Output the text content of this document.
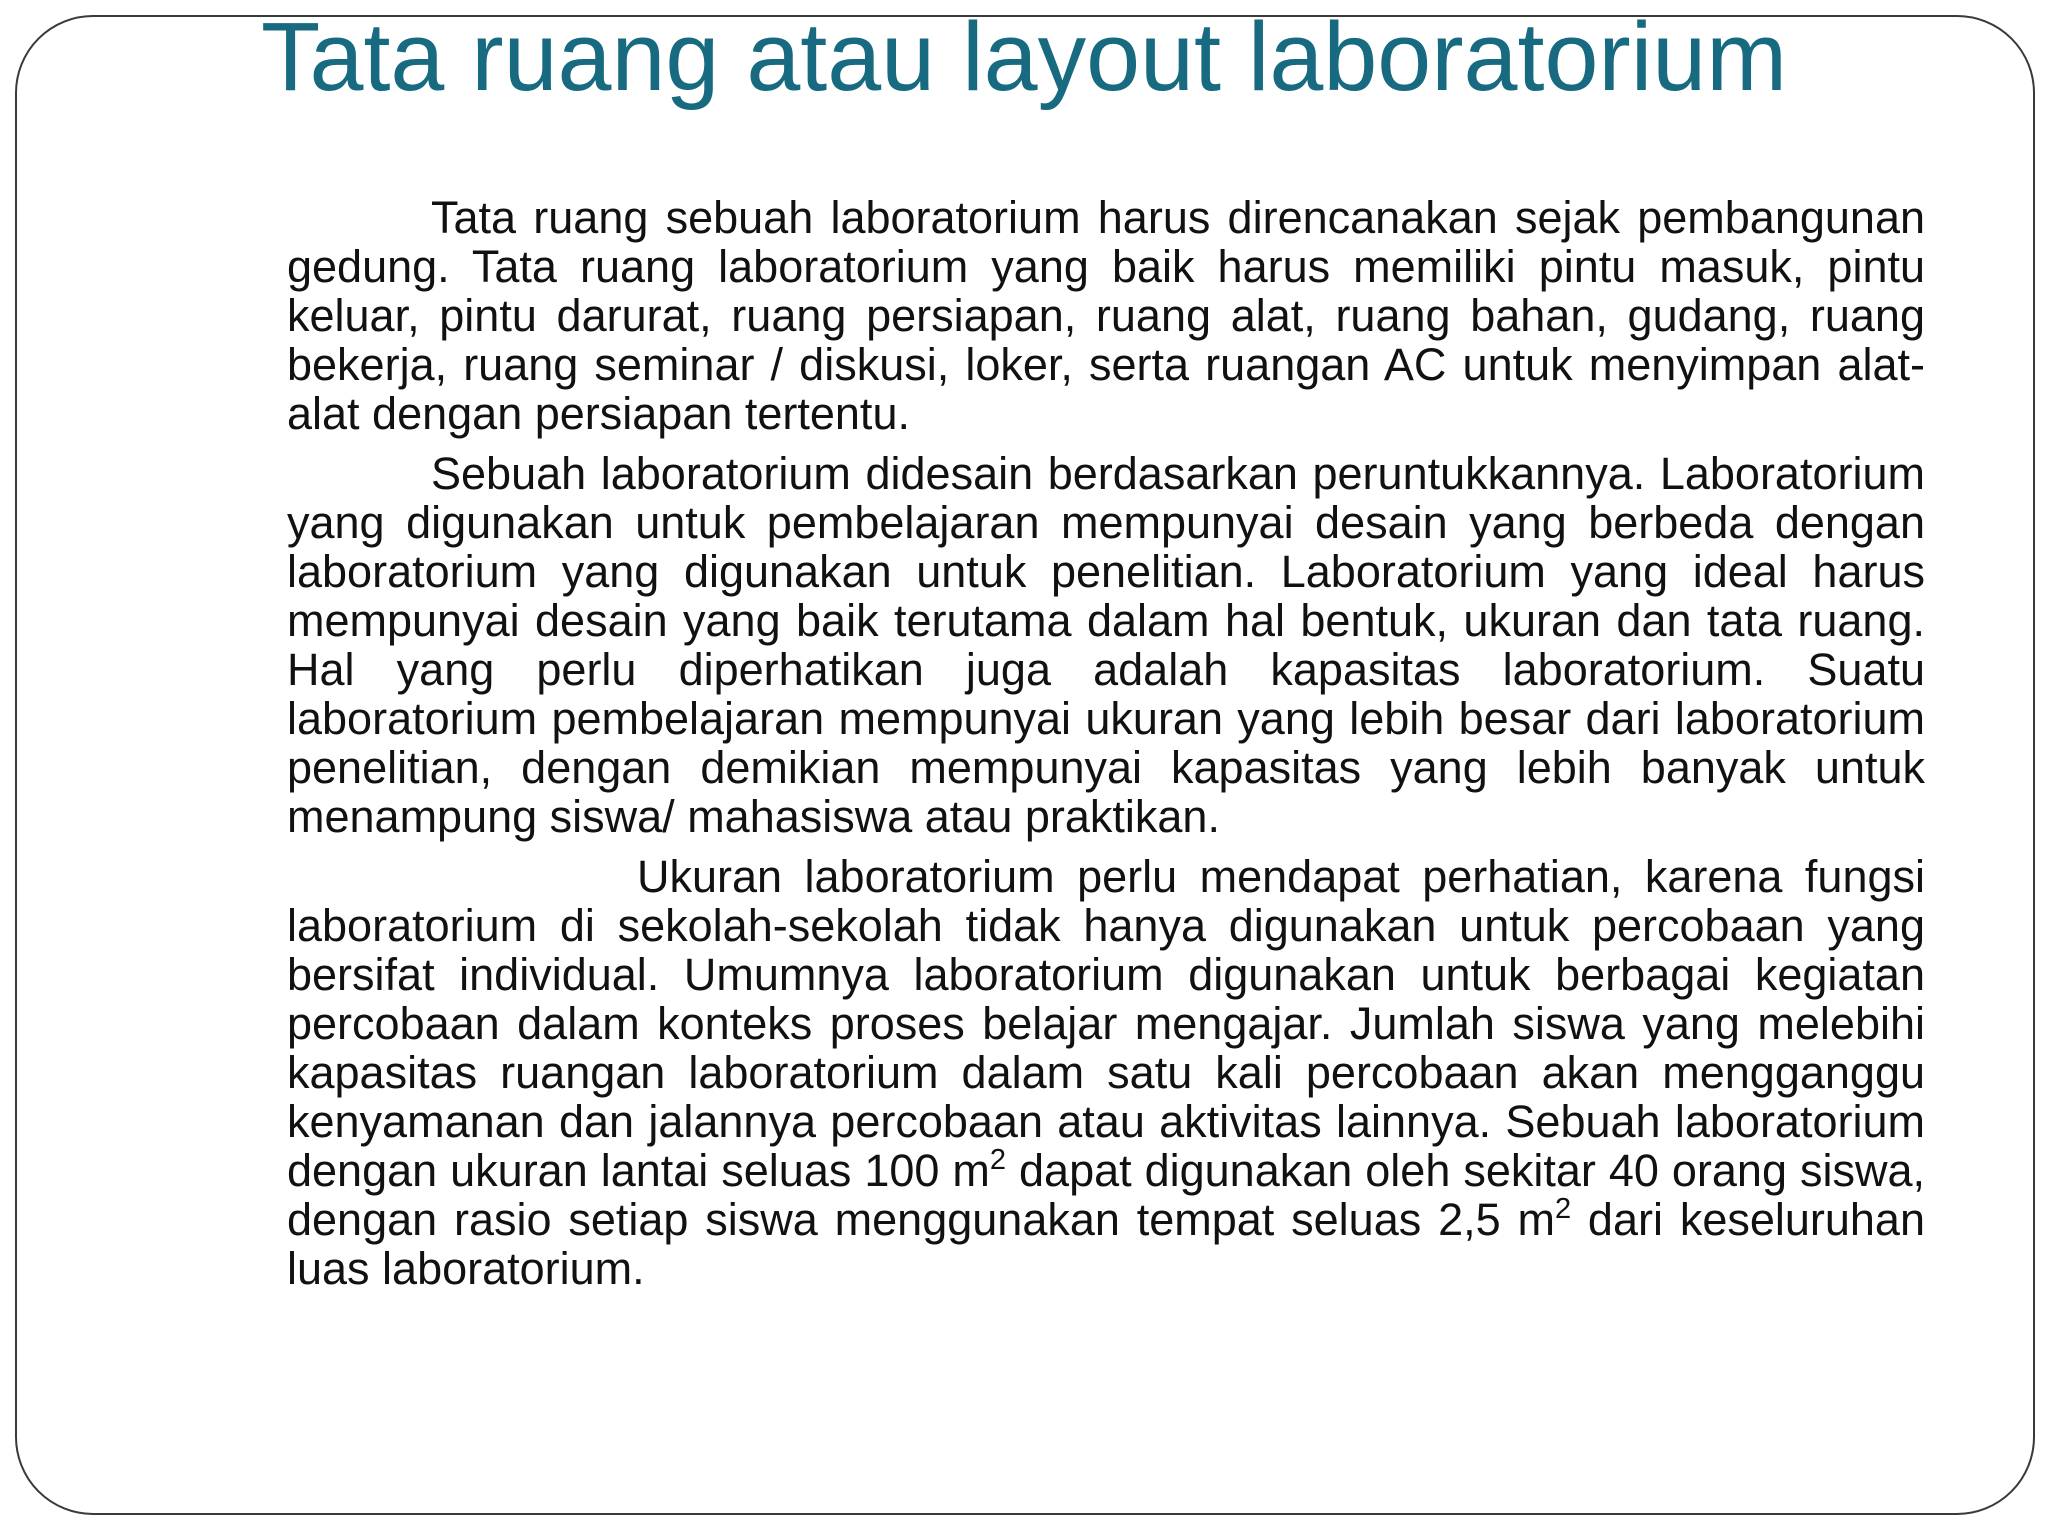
Tata ruang atau layout laboratorium

Tata ruang sebuah laboratorium harus direncanakan sejak pembangunan gedung. Tata ruang laboratorium yang baik harus memiliki pintu masuk, pintu keluar, pintu darurat, ruang persiapan, ruang alat, ruang bahan, gudang, ruang bekerja, ruang seminar / diskusi, loker, serta ruangan AC untuk menyimpan alat-alat dengan persiapan tertentu.

Sebuah laboratorium didesain berdasarkan peruntukkannya. Laboratorium yang digunakan untuk pembelajaran mempunyai desain yang berbeda dengan laboratorium yang digunakan untuk penelitian. Laboratorium yang ideal harus mempunyai desain yang baik terutama dalam hal bentuk, ukuran dan tata ruang. Hal yang perlu diperhatikan juga adalah kapasitas laboratorium. Suatu laboratorium pembelajaran mempunyai ukuran yang lebih besar dari laboratorium penelitian, dengan demikian mempunyai kapasitas yang lebih banyak untuk menampung siswa/ mahasiswa atau praktikan.

Ukuran laboratorium perlu mendapat perhatian, karena fungsi laboratorium di sekolah-sekolah tidak hanya digunakan untuk percobaan yang bersifat individual. Umumnya laboratorium digunakan untuk berbagai kegiatan percobaan dalam konteks proses belajar mengajar. Jumlah siswa yang melebihi kapasitas ruangan laboratorium dalam satu kali percobaan akan mengganggu kenyamanan dan jalannya percobaan atau aktivitas lainnya. Sebuah laboratorium dengan ukuran lantai seluas 100 $m^2$ dapat digunakan oleh sekitar 40 orang siswa, dengan rasio setiap siswa menggunakan tempat seluas 2,5 $m^2$ dari keseluruhan luas laboratorium.
